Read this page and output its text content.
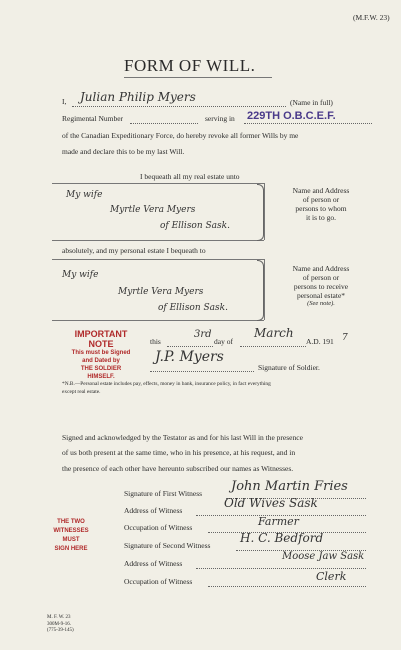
(M.F.W. 23)
FORM OF WILL.
I, Julian Philip Myers	(Name in full)
Regimental Number	serving in 229TH O.B.C.E.F.
of the Canadian Expeditionary Force, do hereby revoke all former Wills by me
made and declare this to be my last Will.
I bequeath all my real estate unto
My wife
Myrtle Vera Myers
of Ellison Sask.
Name and Address
of person or
persons to whom
it is to go.
absolutely, and my personal estate I bequeath to
My wife
Myrtle Vera Myers
of Ellison Sask.
Name and Address
of person or
persons to receive
personal estate*
(See note).
IMPORTANT
NOTE
This must be Signed
and Dated by
THE SOLDIER
HIMSELF.
this
3rd
day of
March
A.D. 191 7
J.P. Myers
Signature of Soldier.
*N.B.—Personal estate includes pay, effects, money in bank, insurance policy, in fact everything
except real estate.
Signed and acknowledged by the Testator as and for his last Will in the presence
of us both present at the same time, who in his presence, at his request, and in
the presence of each other have hereunto subscribed our names as Witnesses.
THE TWO
WITNESSES
MUST
SIGN HERE
Signature of First Witness John Martin Fries
Address of Witness
Old Wives Sask
Occupation of Witness	Farmer
Signature of Second Witness
H. C. Bedford
Address of Witness
Moose Jaw Sask
Occupation of Witness	Clerk
M. F. W. 23
300M-9-16.
(775-39-145)
